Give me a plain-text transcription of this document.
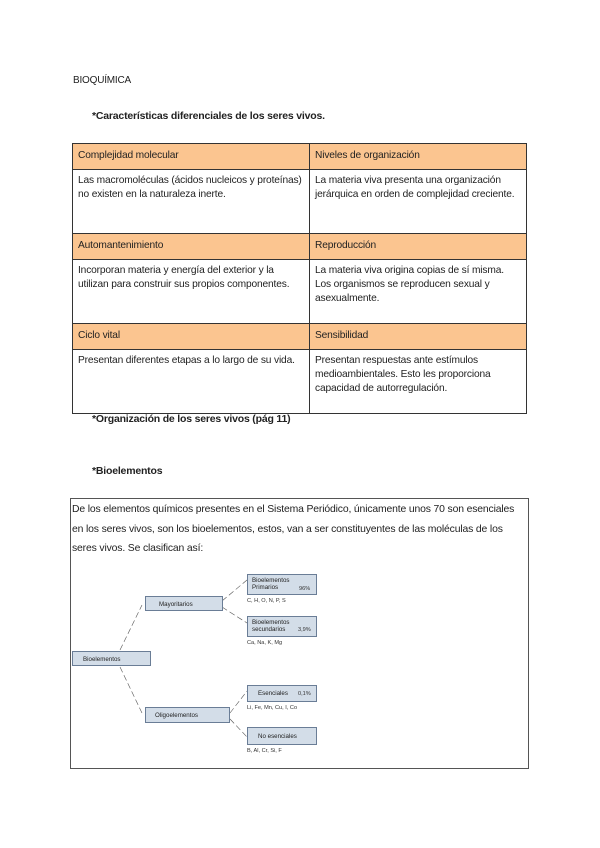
BIOQUÍMICA
*Características diferenciales de los seres vivos.
Complejidad molecular	Niveles de organización
Las macromoléculas (ácidos nucleicos y proteínas) no existen en la naturaleza inerte.	La materia viva presenta una organización jerárquica en orden de complejidad creciente.
Automantenimiento	Reproducción
Incorporan materia y energía del exterior y la utilizan para construir sus propios componentes.	La materia viva origina copias de sí misma. Los organismos se reproducen sexual y asexualmente.
Ciclo vital	Sensibilidad
Presentan diferentes etapas a lo largo de su vida.	Presentan respuestas ante estímulos medioambientales. Esto les proporciona capacidad de autorregulación.
*Organización de los seres vivos (pág 11)
*Bioelementos
De los elementos químicos presentes en el Sistema Periódico, únicamente unos 70 son esenciales en los seres vivos, son los bioelementos, estos, van a ser constituyentes de las moléculas de los seres vivos. Se clasifican así:
Bioelementos
Mayoritarios
Oligoelementos
Bioelementos
Primarios	96%
C, H, O, N, P, S
Bioelementos
secundarios	3,9%
Ca, Na, K, Mg
Esenciales	0,1%
Li, Fe, Mn, Cu, I, Co
No esenciales
B, Al, Cr, Si, F
